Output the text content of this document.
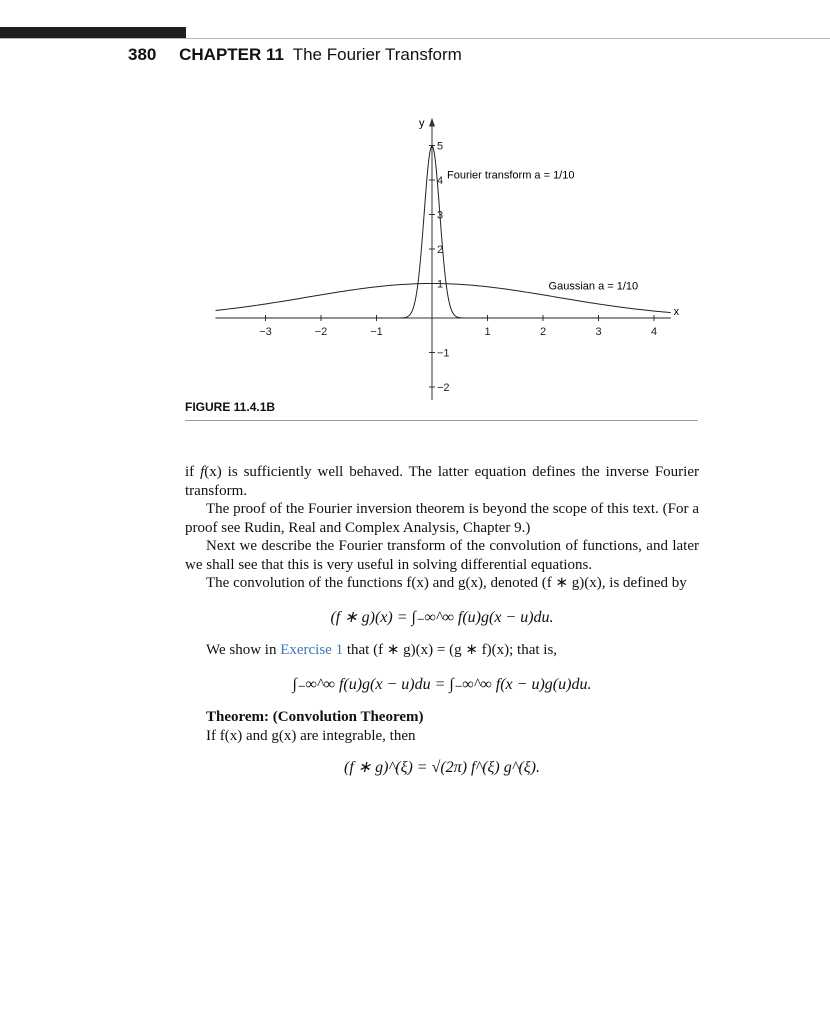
380 CHAPTER 11 The Fourier Transform
−3	−2	−1	1	2	3	4
−2
−1
1
2
3
4
5
x
y
Fourier transform a = 1/10
Gaussian a = 1/10
FIGURE 11.4.1B

if f(x) is sufficiently well behaved. The latter equation defines the inverse Fourier transform.

The proof of the Fourier inversion theorem is beyond the scope of this text. (For a proof see Rudin, Real and Complex Analysis, Chapter 9.)

Next we describe the Fourier transform of the convolution of functions, and later we shall see that this is very useful in solving differential equations.

The convolution of the functions f(x) and g(x), denoted (f ∗ g)(x), is defined by

(f ∗ g)(x) = ∫₋∞^∞ f(u)g(x − u)du.

We show in Exercise 1 that (f ∗ g)(x) = (g ∗ f)(x); that is,

∫₋∞^∞ f(u)g(x − u)du = ∫₋∞^∞ f(x − u)g(u)du.

Theorem: (Convolution Theorem)

If f(x) and g(x) are integrable, then

(f ∗ g)^(ξ) = √(2π) f^(ξ) g^(ξ).
